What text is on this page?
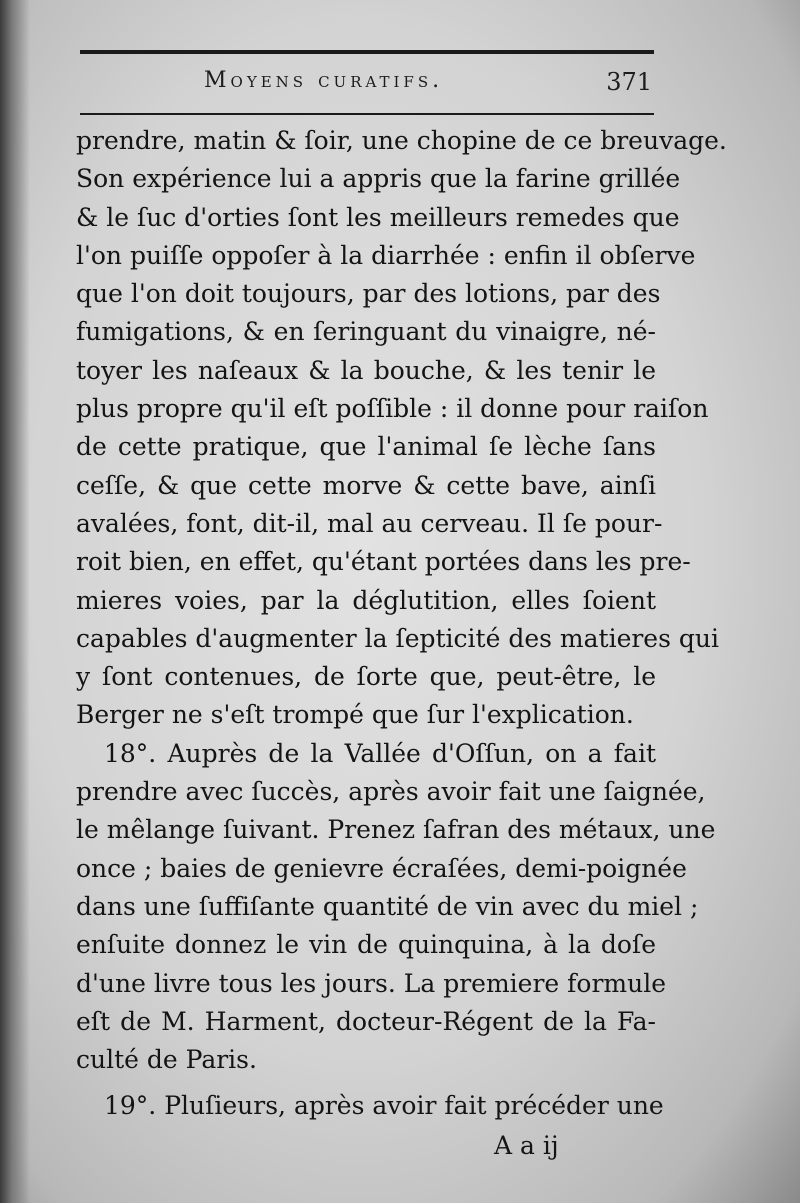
Moyens curatifs.	371
prendre, matin & ſoir, une chopine de ce breuvage.
Son expérience lui a appris que la farine grillée
& le ſuc d'orties ſont les meilleurs remedes que
l'on puiſſe oppoſer à la diarrhée : enfin il obſerve
que l'on doit toujours, par des lotions, par des
fumigations, & en ſeringuant du vinaigre, né-
toyer les naſeaux & la bouche, & les tenir le
plus propre qu'il eſt poſſible : il donne pour raiſon
de cette pratique, que l'animal ſe lèche ſans
ceſſe, & que cette morve & cette bave, ainſi
avalées, font, dit-il, mal au cerveau. Il ſe pour-
roit bien, en effet, qu'étant portées dans les pre-
mieres voies, par la déglutition, elles ſoient
capables d'augmenter la ſepticité des matieres qui
y ſont contenues, de ſorte que, peut-être, le
Berger ne s'eſt trompé que ſur l'explication.
18°. Auprès de la Vallée d'Oſſun, on a fait
prendre avec ſuccès, après avoir fait une ſaignée,
le mêlange ſuivant. Prenez ſafran des métaux, une
once ; baies de genievre écraſées, demi-poignée
dans une ſuffiſante quantité de vin avec du miel ;
enſuite donnez le vin de quinquina, à la doſe
d'une livre tous les jours. La premiere formule
eſt de M. Harment, docteur-Régent de la Fa-
culté de Paris.
19°. Pluſieurs, après avoir fait précéder une
A a ij
